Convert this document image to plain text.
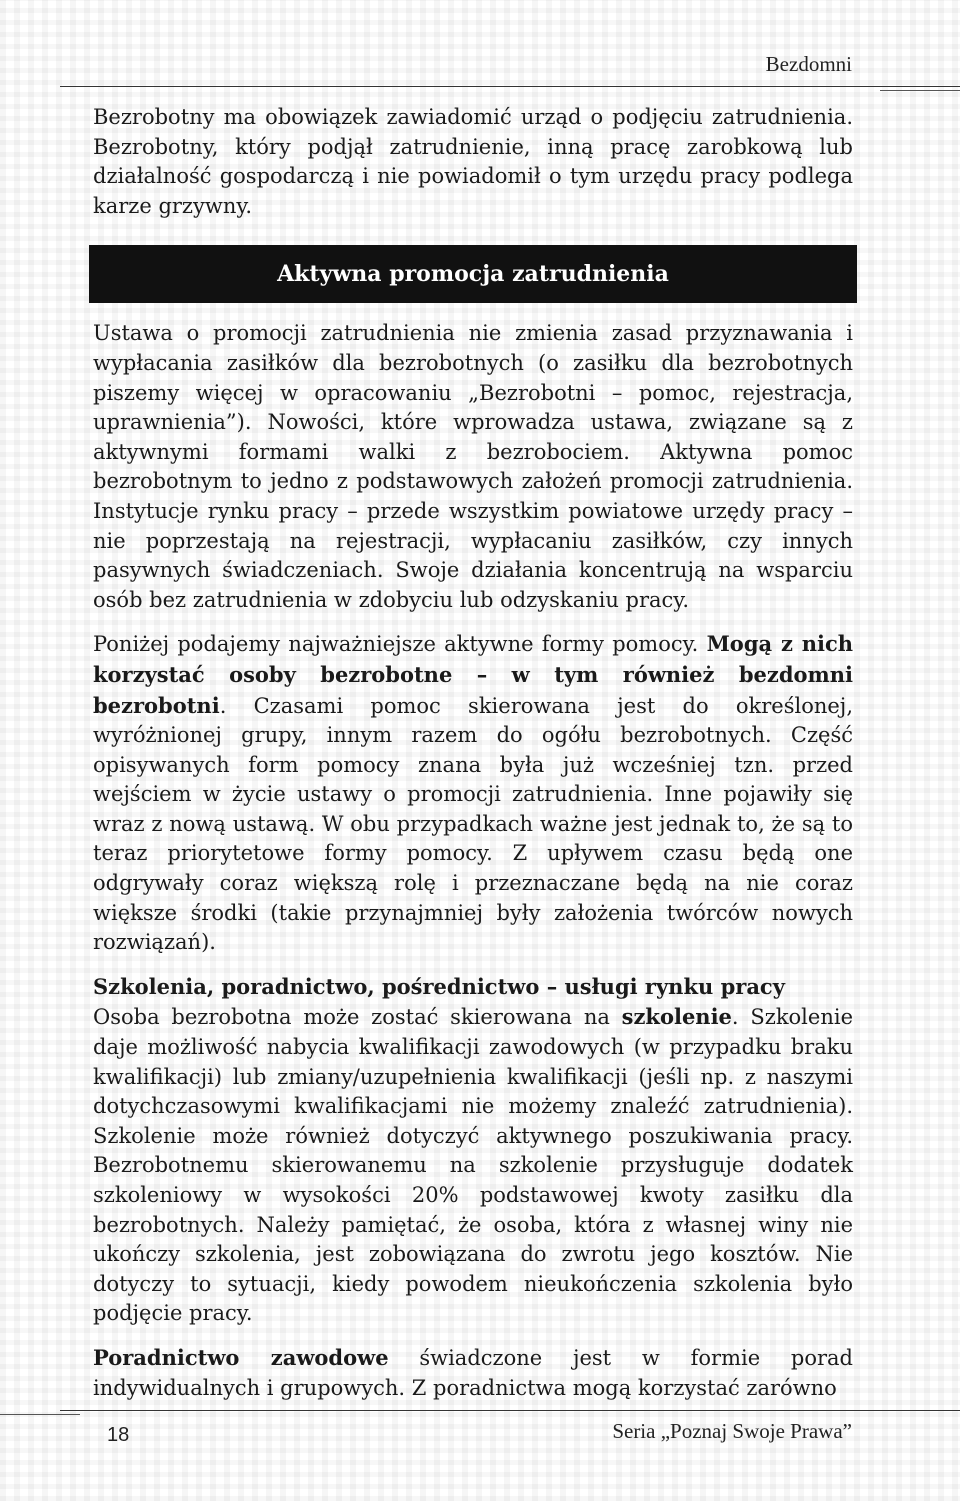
Bezdomni

Bezrobotny ma obowiązek zawiadomić urząd o podjęciu zatrudnienia. Bezrobotny, który podjął zatrudnienie, inną pracę zarobkową lub działalność gospodarczą i nie powiadomił o tym urzędu pracy podlega karze grzywny.

Aktywna promocja zatrudnienia

Ustawa o promocji zatrudnienia nie zmienia zasad przyznawania i wypłacania zasiłków dla bezrobotnych (o zasiłku dla bezrobotnych piszemy więcej w opracowaniu „Bezrobotni – pomoc, rejestracja, uprawnienia”). Nowości, które wprowadza ustawa, związane są z aktywnymi formami walki z bezrobociem. Aktywna pomoc bezrobotnym to jedno z podstawowych założeń promocji zatrudnienia. Instytucje rynku pracy – przede wszystkim powiatowe urzędy pracy – nie poprzestają na rejestracji, wypłacaniu zasiłków, czy innych pasywnych świadczeniach. Swoje działania koncentrują na wsparciu osób bez zatrudnienia w zdobyciu lub odzyskaniu pracy.

Poniżej podajemy najważniejsze aktywne formy pomocy. Mogą z nich korzystać osoby bezrobotne – w tym również bezdomni bezrobotni. Czasami pomoc skierowana jest do określonej, wyróżnionej grupy, innym razem do ogółu bezrobotnych. Część opisywanych form pomocy znana była już wcześniej tzn. przed wejściem w życie ustawy o promocji zatrudnienia. Inne pojawiły się wraz z nową ustawą. W obu przypadkach ważne jest jednak to, że są to teraz priorytetowe formy pomocy. Z upływem czasu będą one odgrywały coraz większą rolę i przeznaczane będą na nie coraz większe środki (takie przynajmniej były założenia twórców nowych rozwiązań).

Szkolenia, poradnictwo, pośrednictwo – usługi rynku pracy

Osoba bezrobotna może zostać skierowana na szkolenie. Szkolenie daje możliwość nabycia kwalifikacji zawodowych (w przypadku braku kwalifikacji) lub zmiany/uzupełnienia kwalifikacji (jeśli np. z naszymi dotychczasowymi kwalifikacjami nie możemy znaleźć zatrudnienia). Szkolenie może również dotyczyć aktywnego poszukiwania pracy. Bezrobotnemu skierowanemu na szkolenie przysługuje dodatek szkoleniowy w wysokości 20% podstawowej kwoty zasiłku dla bezrobotnych. Należy pamiętać, że osoba, która z własnej winy nie ukończy szkolenia, jest zobowiązana do zwrotu jego kosztów. Nie dotyczy to sytuacji, kiedy powodem nieukończenia szkolenia było podjęcie pracy.

Poradnictwo zawodowe świadczone jest w formie porad indywidualnych i grupowych. Z poradnictwa mogą korzystać zarówno

18	Seria „Poznaj Swoje Prawa”
